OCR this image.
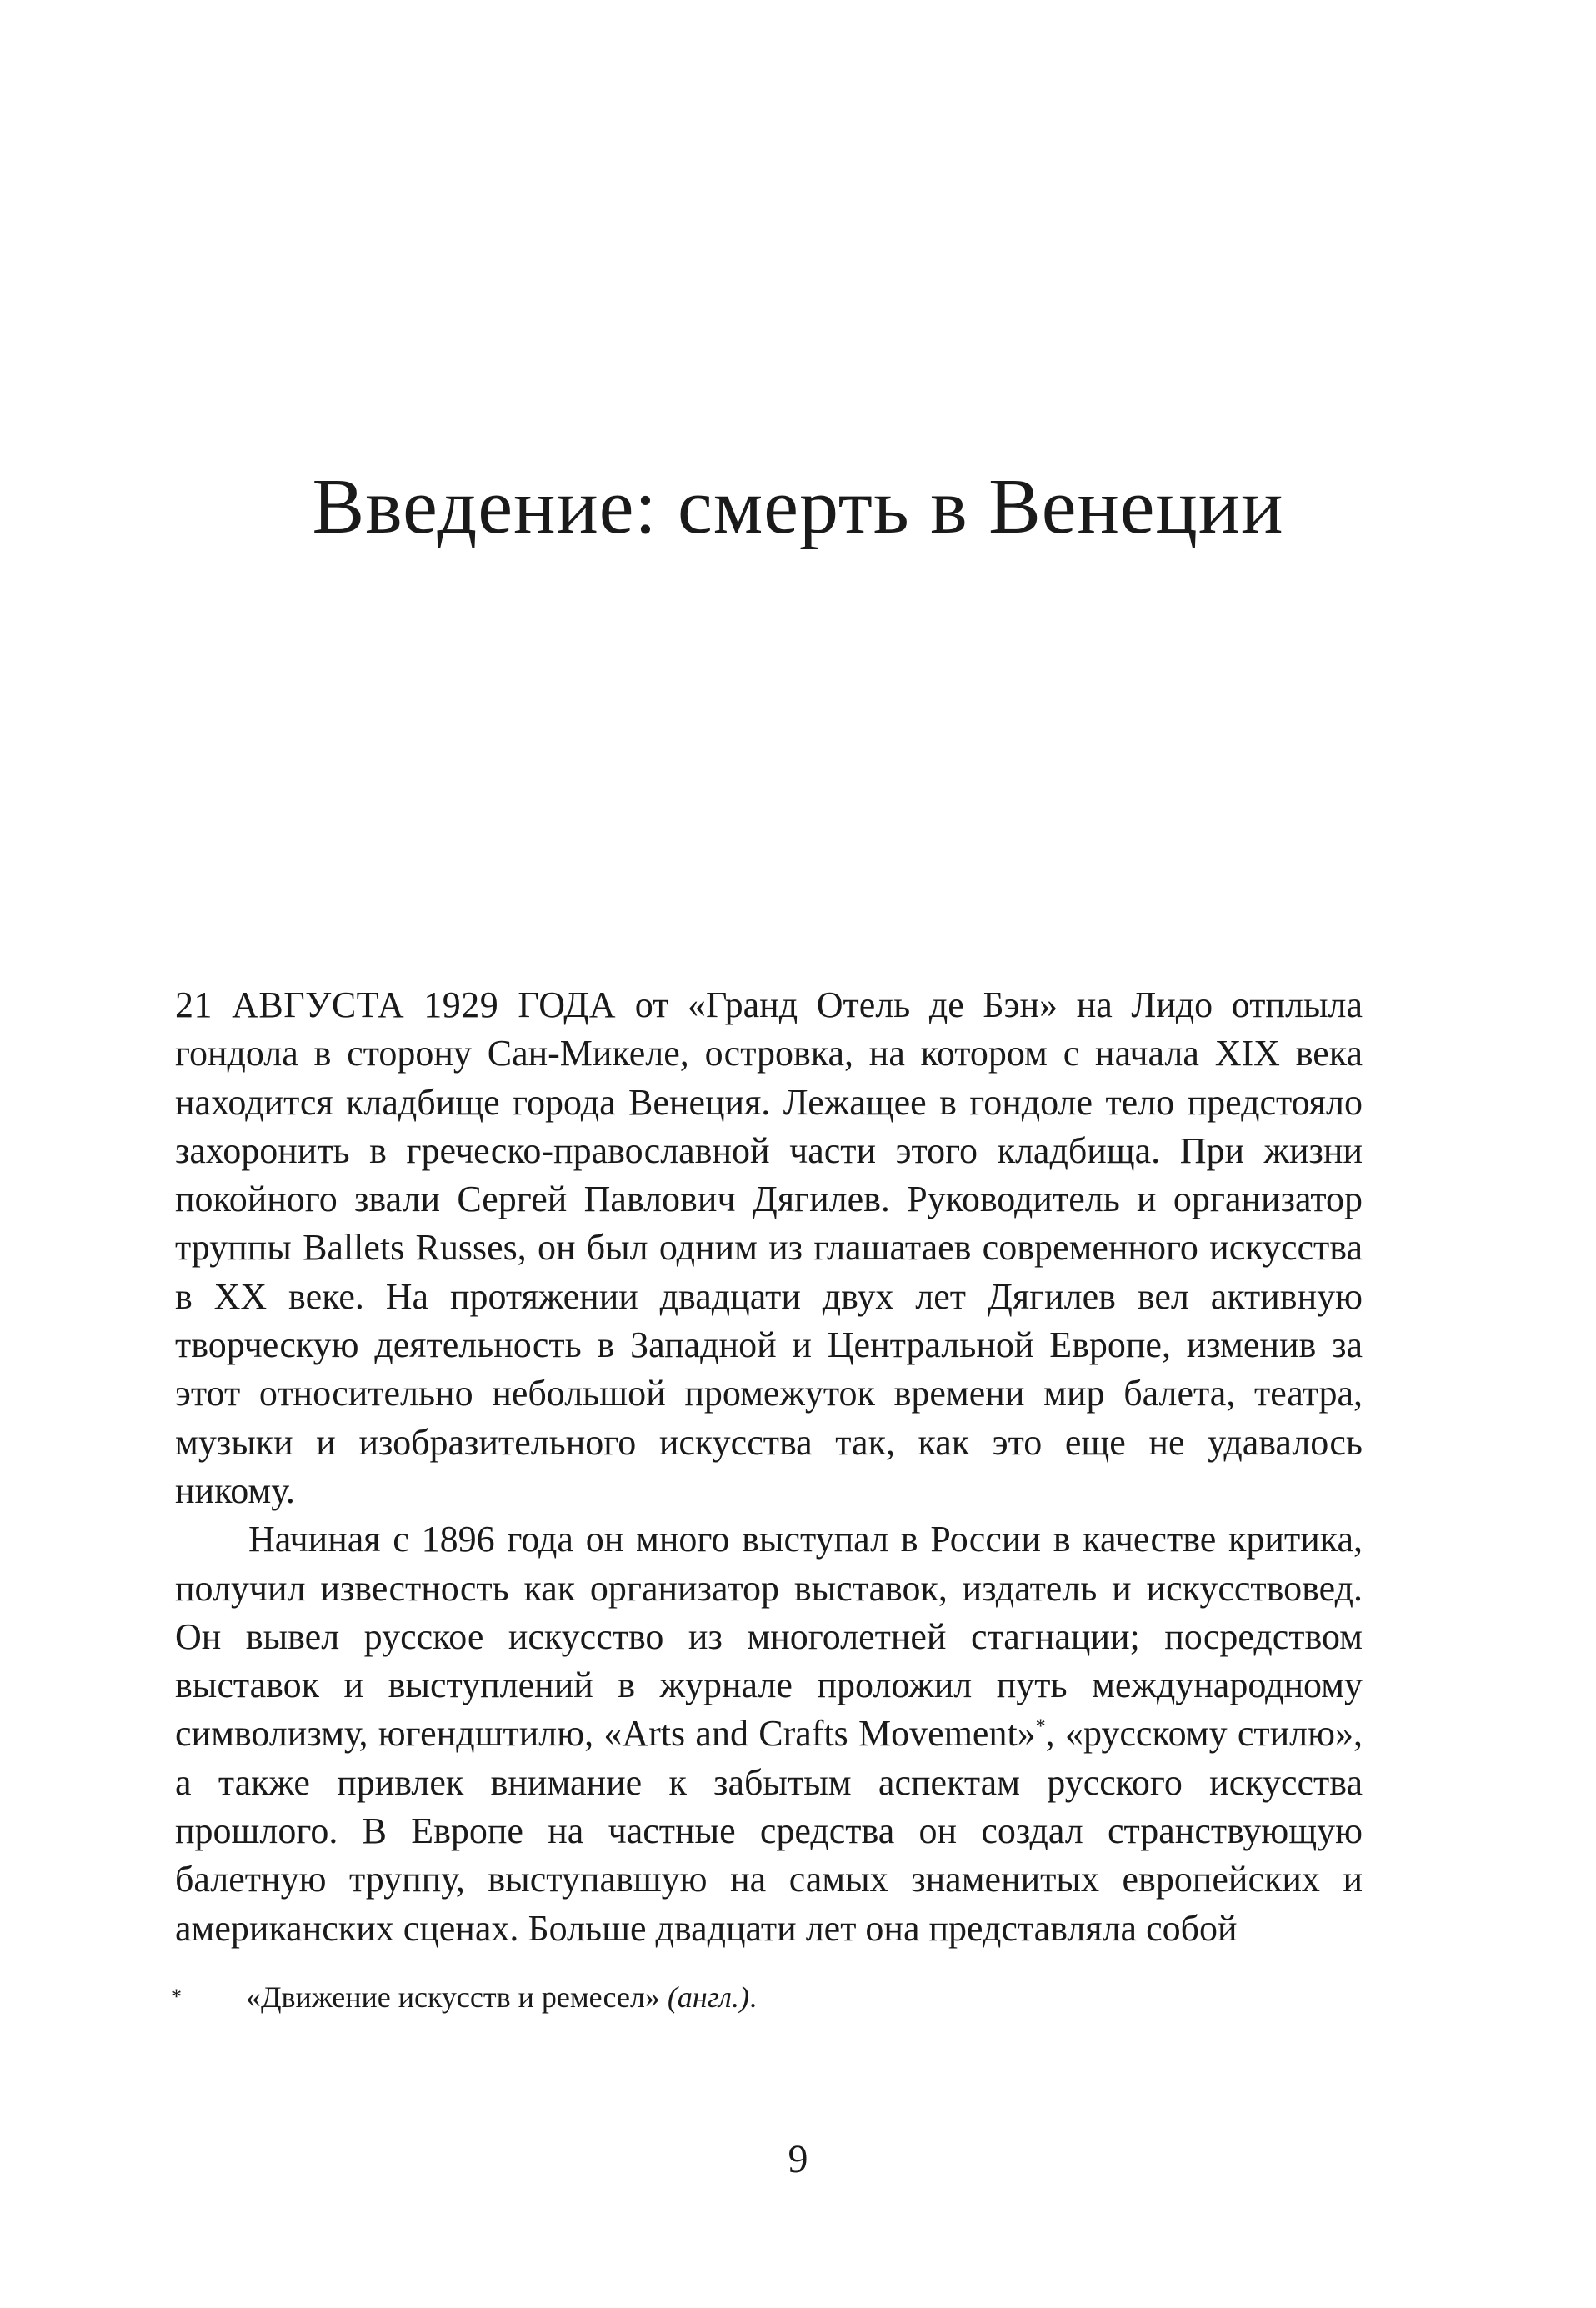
Введение: смерть в Венеции

21 АВГУСТА 1929 ГОДА от «Гранд Отель де Бэн» на Лидо отплыла гондола в сторону Сан-Микеле, островка, на котором с начала XIX века находится кладбище города Венеция. Лежащее в гондоле тело предстояло захоронить в греческо-православной части этого кладбища. При жизни покойного звали Сергей Павлович Дягилев. Руководитель и организатор труппы Ballets Russes, он был одним из глашатаев современного искусства в XX веке. На протяжении двадцати двух лет Дягилев вел активную творческую деятельность в Западной и Центральной Европе, изменив за этот относительно небольшой промежуток времени мир балета, театра, музыки и изобразительного искусства так, как это еще не удавалось никому.

Начиная с 1896 года он много выступал в России в качестве критика, получил известность как организатор выставок, издатель и искусствовед. Он вывел русское искусство из многолетней стагнации; посредством выставок и выступлений в журнале проложил путь международному символизму, югендштилю, «Arts and Crafts Movement»*, «русскому стилю», а также привлек внимание к забытым аспектам русского искусства прошлого. В Европе на частные средства он создал странствующую балетную труппу, выступавшую на самых знаменитых европейских и американских сценах. Больше двадцати лет она представляла собой

* «Движение искусств и ремесел» (англ.).
9
